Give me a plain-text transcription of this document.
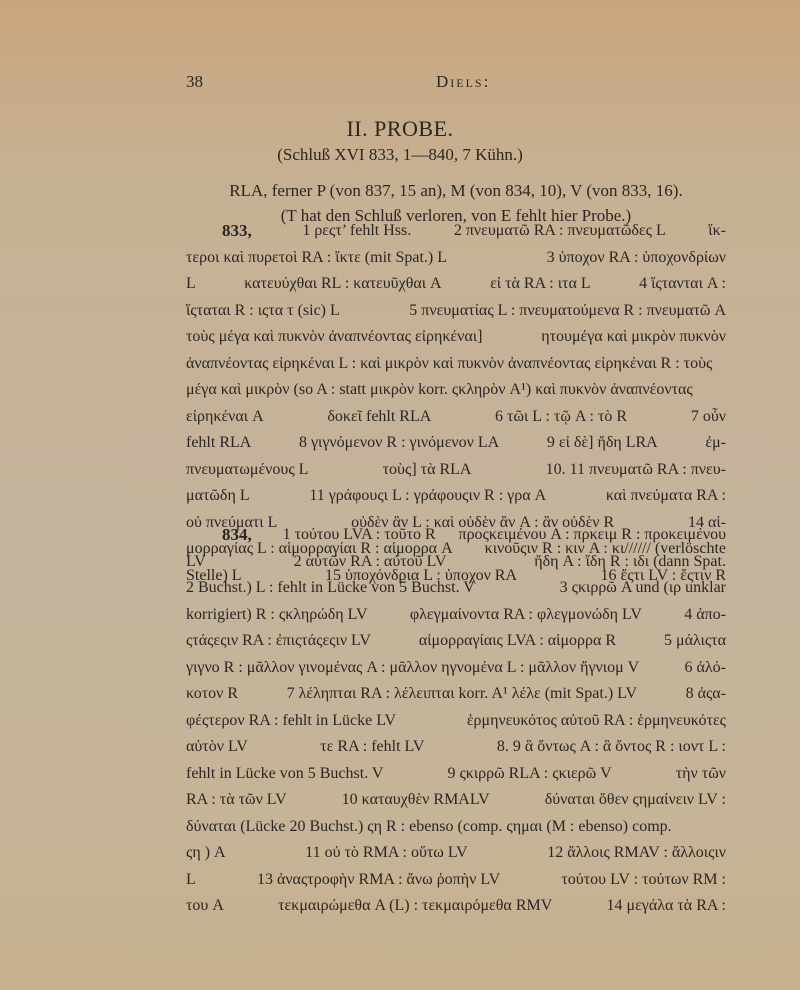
38	Diels:
II. PROBE.
(Schluß XVI 833, 1—840, 7 Kühn.)
RLA, ferner P (von 837, 15 an), M (von 834, 10), V (von 833, 16).
(T hat den Schluß verloren, von E fehlt hier Probe.)
833,	1 ρεςτ’ fehlt Hss.	2 πνευματῶ RA : πνευματῶδες L	ἴκ-
τεροι καὶ πυρετοὶ RA : ἴκτε (mit Spat.) L	3 ὑποχον RA : ὑποχονδρίων
L	κατευύχθαι RL : κατευῦχθαι A	εἰ τὰ RA : ιτα L	4 ἵςτανται A :
ἵςταται R : ιςτα τ (sic) L	5 πνευματίας L : πνευματούμενα R : πνευματῶ A
τοὺς μέγα καὶ πυκνὸν ἀναπνέοντας εἰρηκέναι]	ητουμέγα καὶ μικρὸν πυκνὸν
ἀναπνέοντας εἰρηκέναι L : καὶ μικρὸν καὶ πυκνὸν ἀναπνέοντας εἰρηκέναι R : τοὺς
μέγα καὶ μικρὸν (so A : statt μικρὸν korr. ςκληρὸν A¹) καὶ πυκνὸν ἀναπνέοντας
εἰρηκέναι A	δοκεῖ fehlt RLA	6 τῶι L : τῷ A : τὸ R	7 οὖν
fehlt RLA	8 γιγνόμενον R : γινόμενον LA	9 εἰ δὲ] ἤδη LRA	ἐμ-
πνευματωμένους L	τοὺς] τὰ RLA	10. 11 πνευματῶ RA : πνευ-
ματῶδη L	11 γράφουςι L : γράφουςιν R : γρα A	καὶ πνεύματα RA :
οὐ πνεύματι L	οὐδὲν ἂν L : καὶ οὐδὲν ἂν A : ἂν οὐδὲν R	14 αἱ-
μορραγίας L : αἱμορραγίαι R : αἱμορρα A κινοῦςιν R : κιν A : κι////// (verlöschte
Stelle) L	15 ὑποχόνδρια L : ὑποχον RA	16 ἔςτι LV : ἔςτιν R
834, 1 τούτου LVA : τοῦτο R προςκειμένου A : πρκειμ R : προκειμένου
LV	2 αὐτῶν RA : αὐτοῦ LV	ἤδη A : ἴδη R : ιδι (dann Spat.
2 Buchst.) L : fehlt in Lücke von 5 Buchst. V	3 ςκιρρῶ A und (ιρ unklar
korrigiert) R : ςκληρώδη LV	φλεγμαίνοντα RA : φλεγμονώδη LV	4 ἀπο-
ςτάςεςιν RA : ἐπιςτάςεςιν LV	αἱμορραγίαις LVA : αἱμορρα R	5 μάλιςτα
γιγνο R : μᾶλλον γινομένας A : μᾶλλον ηγνομένα L : μᾶλλον ἤγνιομ V	6 ἀλό-
κοτον R	7 λέληπται RA : λέλειπται korr. A¹ λέλε (mit Spat.) LV	8 ἀςα-
φέςτερον RA : fehlt in Lücke LV	ἑρμηνευκότος αὐτοῦ RA : ἑρμηνευκότες
αὐτὸν LV	τε RA : fehlt LV	8. 9 ἃ ὄντως A : ἃ ὄντος R : ιοντ L :
fehlt in Lücke von 5 Buchst. V	9 ςκιρρῶ RLA : ςκιερῶ V	τὴν τῶν
RA : τὰ τῶν LV	10 καταυχθὲν RMALV	δύναται ὅθεν ςημαίνειν LV :
δύναται (Lücke 20 Buchst.) ςη R : ebenso (comp. ςημαι (M : ebenso) comp.
ςη ) A	11 οὐ τὸ RMA : οὕτω LV	12 ἄλλοις RMAV : ἄλλοιςιν
L	13 ἀναςτροφὴν RMA : ἄνω ῥοπὴν LV	τούτου LV : τούτων RM :
του A	τεκμαιρώμεθα A (L) : τεκμαιρόμεθα RMV	14 μεγάλα τὰ RA :
